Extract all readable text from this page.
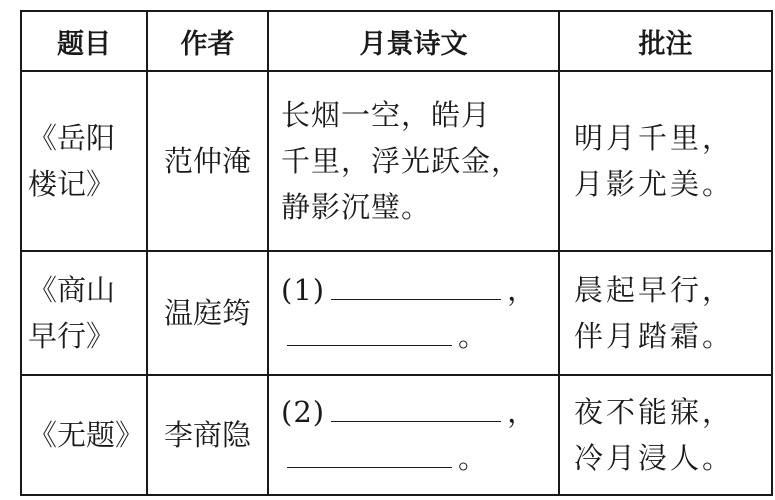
题目	作者	月景诗文	批注

《岳阳
楼记》	范仲淹	长烟一空，皓月
千里，浮光跃金，
静影沉璧。	明月千里，
月影尤美。

《商山
早行》	温庭筠	(1) ，
。	晨起早行，
伴月踏霜。

《无题》	李商隐	(2) ，
。	夜不能寐，
冷月浸人。
